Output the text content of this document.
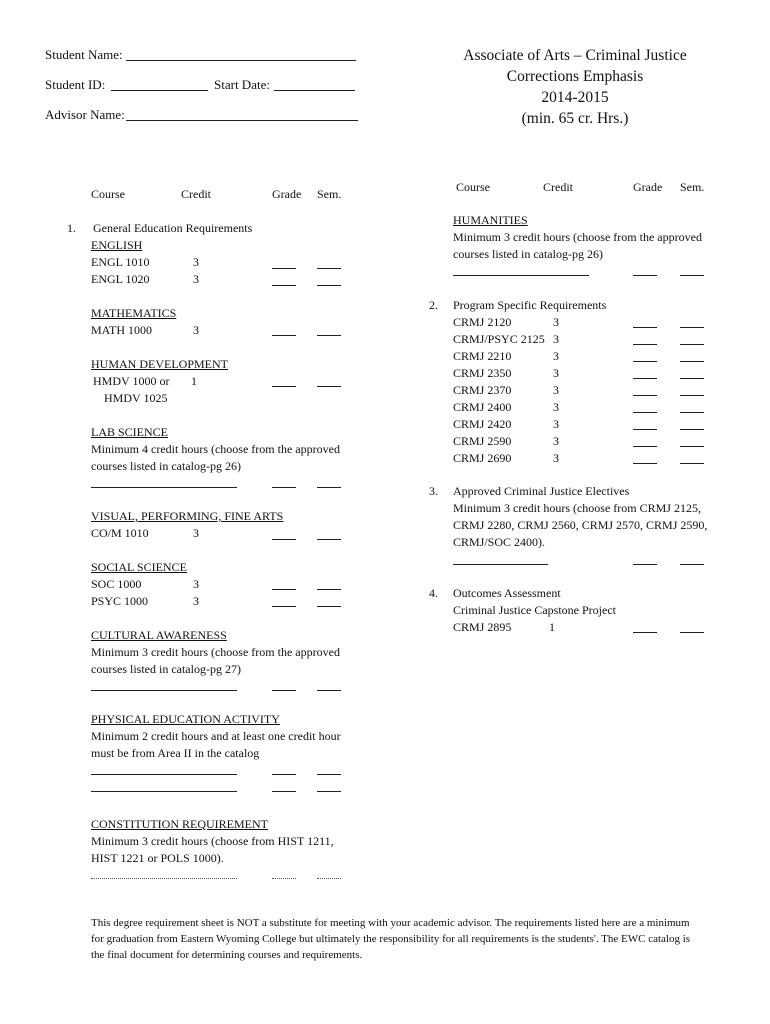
Student Name:
Student ID:	Start Date:
Advisor Name:
Associate of Arts – Criminal Justice
Corrections Emphasis
2014-2015
(min. 65 cr. Hrs.)
Course	Credit	Grade Sem.
1. General Education Requirements
ENGLISH
ENGL 1010	3
ENGL 1020	3
MATHEMATICS
MATH 1000	3
HUMAN DEVELOPMENT
HMDV 1000 or 1
HMDV 1025
LAB SCIENCE
Minimum 4 credit hours (choose from the approved
courses listed in catalog-pg 26)
VISUAL, PERFORMING, FINE ARTS
CO/M 1010	3
SOCIAL SCIENCE
SOC 1000	3
PSYC 1000	3
CULTURAL AWARENESS
Minimum 3 credit hours (choose from the approved
courses listed in catalog-pg 27)
PHYSICAL EDUCATION ACTIVITY
Minimum 2 credit hours and at least one credit hour
must be from Area II in the catalog
CONSTITUTION REQUIREMENT
Minimum 3 credit hours (choose from HIST 1211,
HIST 1221 or POLS 1000).
Course	Credit	Grade Sem.
HUMANITIES
Minimum 3 credit hours (choose from the approved
courses listed in catalog-pg 26)
2. Program Specific Requirements
CRMJ 2120	3
CRMJ/PSYC 2125 3
CRMJ 2210	3
CRMJ 2350	3
CRMJ 2370	3
CRMJ 2400	3
CRMJ 2420	3
CRMJ 2590	3
CRMJ 2690	3
3. Approved Criminal Justice Electives
Minimum 3 credit hours (choose from CRMJ 2125,
CRMJ 2280, CRMJ 2560, CRMJ 2570, CRMJ 2590,
CRMJ/SOC 2400).
4. Outcomes Assessment
Criminal Justice Capstone Project
CRMJ 2895	1
This degree requirement sheet is NOT a substitute for meeting with your academic advisor. The requirements listed here are a minimum
for graduation from Eastern Wyoming College but ultimately the responsibility for all requirements is the students'. The EWC catalog is
the final document for determining courses and requirements.
